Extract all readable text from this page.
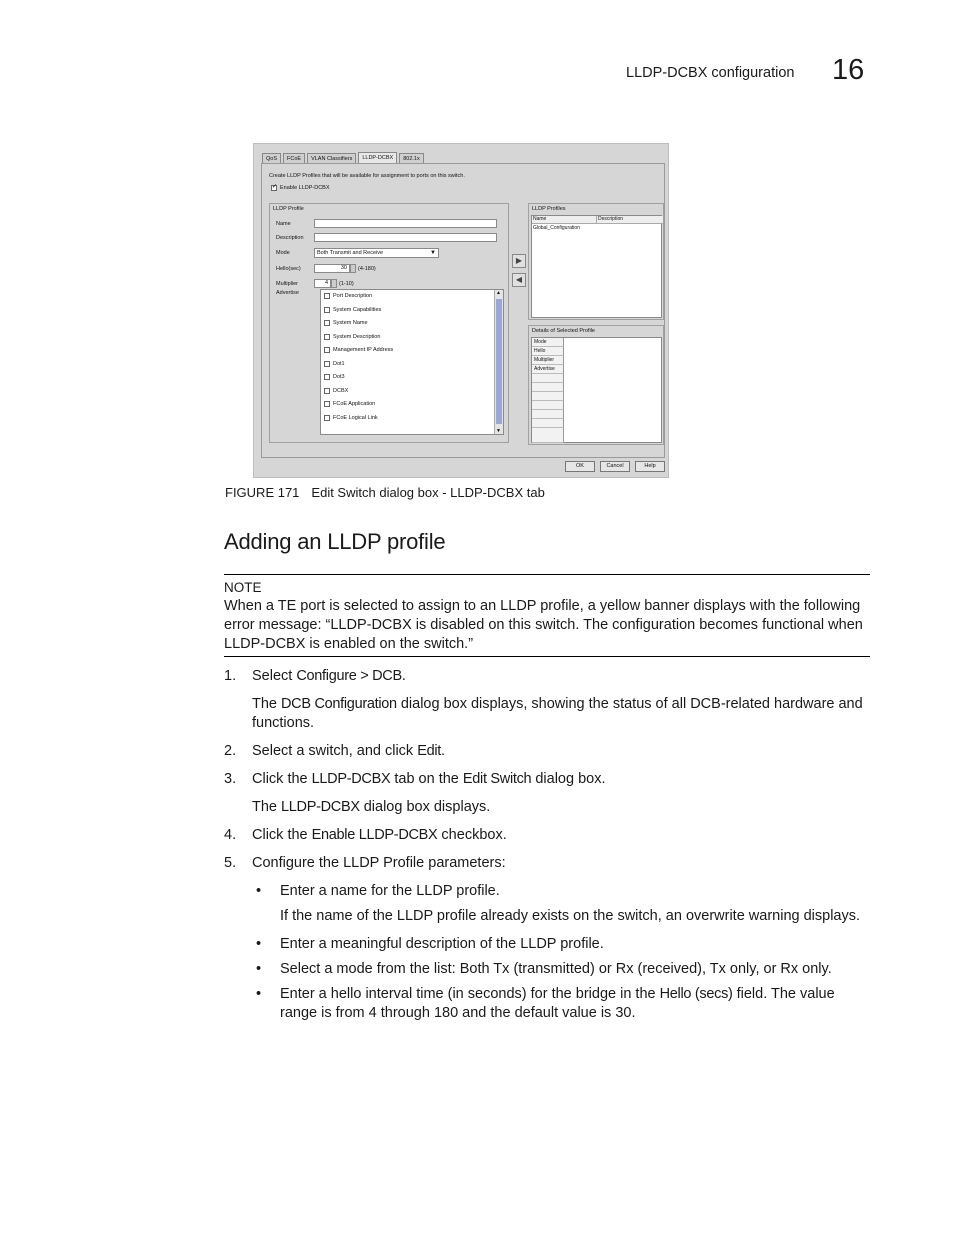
LLDP-DCBX configuration 16
QoS	FCoE	VLAN Classifiers	LLDP-DCBX	802.1x
Create LLDP Profiles that will be available for assignment to ports on this switch.
✓
Enable LLDP-DCBX
LLDP Profile
Name
Description
Mode	Both Transmit and Receive	▼
Hello(sec)	30	(4-180)
Multiplier	4	(1-10)
Advertise	Port Description
System Capabilities
System Name
System Description
Management IP Address
Dot1
Dot3
DCBX
FCoE Application
FCoE Logical Link
▲
▼
▶
◀
LLDP Profiles
Name	Description
Global_Configuration
Details of Selected Profile
Mode
Hello
Multiplier
Advertise
OK	Cancel	Help
FIGURE 171 Edit Switch dialog box - LLDP-DCBX tab
Adding an LLDP profile
NOTE
When a TE port is selected to assign to an LLDP profile, a yellow banner displays with the following error message: “LLDP-DCBX is disabled on this switch. The configuration becomes functional when LLDP-DCBX is enabled on the switch.”
1. Select Configure > DCB.
The DCB Configuration dialog box displays, showing the status of all DCB-related hardware and functions.
2. Select a switch, and click Edit.
3. Click the LLDP-DCBX tab on the Edit Switch dialog box.
The LLDP-DCBX dialog box displays.
4. Click the Enable LLDP-DCBX checkbox.
5. Configure the LLDP Profile parameters:
• Enter a name for the LLDP profile.
If the name of the LLDP profile already exists on the switch, an overwrite warning displays.
• Enter a meaningful description of the LLDP profile.
• Select a mode from the list: Both Tx (transmitted) or Rx (received), Tx only, or Rx only.
• Enter a hello interval time (in seconds) for the bridge in the Hello (secs) field. The value range is from 4 through 180 and the default value is 30.
